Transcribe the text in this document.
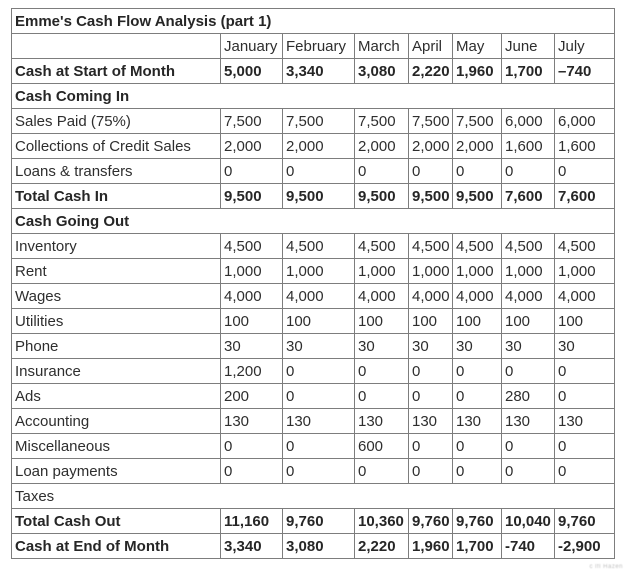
Emme's Cash Flow Analysis (part 1)							
	January	February	March	April	May	June	July
Cash at Start of Month	5,000	3,340	3,080	2,220	1,960	1,700	–740
Cash Coming In							
Sales Paid (75%)	7,500	7,500	7,500	7,500	7,500	6,000	6,000
Collections of Credit Sales	2,000	2,000	2,000	2,000	2,000	1,600	1,600
Loans & transfers	0	0	0	0	0	0	0
Total Cash In	9,500	9,500	9,500	9,500	9,500	7,600	7,600
Cash Going Out							
Inventory	4,500	4,500	4,500	4,500	4,500	4,500	4,500
Rent	1,000	1,000	1,000	1,000	1,000	1,000	1,000
Wages	4,000	4,000	4,000	4,000	4,000	4,000	4,000
Utilities	100	100	100	100	100	100	100
Phone	30	30	30	30	30	30	30
Insurance	1,200	0	0	0	0	0	0
Ads	200	0	0	0	0	280	0
Accounting	130	130	130	130	130	130	130
Miscellaneous	0	0	600	0	0	0	0
Loan payments	0	0	0	0	0	0	0
Taxes							
Total Cash Out	11,160	9,760	10,360	9,760	9,760	10,040	9,760
Cash at End of Month	3,340	3,080	2,220	1,960	1,700	-740	-2,900
c lfl Hazen
